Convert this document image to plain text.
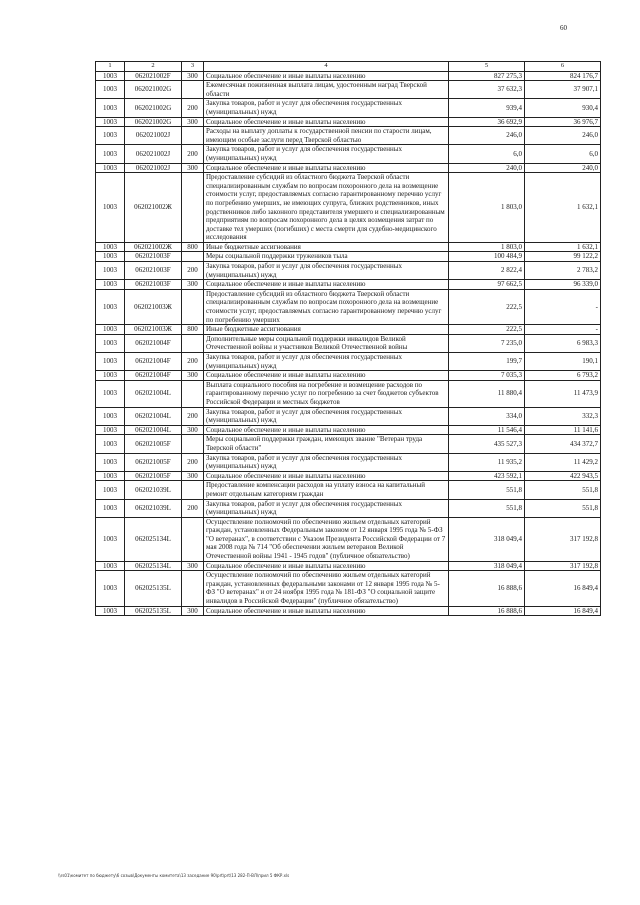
60
1	2	3	4	5	6
1003	062021002F	300	Социальное обеспечение и иные выплаты населению	827 275,3	824 176,7
1003	062021002G		Ежемесячная пожизненная выплата лицам, удостоенным наград Тверской области	37 632,3	37 907,1
1003	062021002G	200	Закупка товаров, работ и услуг для обеспечения государственных (муниципальных) нужд	939,4	930,4
1003	062021002G	300	Социальное обеспечение и иные выплаты населению	36 692,9	36 976,7
1003	062021002J		Расходы на выплату доплаты к государственной пенсии по старости лицам, имеющим особые заслуги перед Тверской областью	246,0	246,0
1003	062021002J	200	Закупка товаров, работ и услуг для обеспечения государственных (муниципальных) нужд	6,0	6,0
1003	062021002J	300	Социальное обеспечение и иные выплаты населению	240,0	240,0
1003	062021002Ж		Предоставление субсидий из областного бюджета Тверской области специализированным службам по вопросам похоронного дела на возмещение стоимости услуг, предоставляемых согласно гарантированному перечню услуг по погребению умерших, не имеющих супруга, близких родственников, иных родственников либо законного представителя умершего и специализированным предприятиям по вопросам похоронного дела в целях возмещения затрат по доставке тел умерших (погибших) с места смерти для судебно-медицинского исследования	1 803,0	1 632,1
1003	062021002Ж	800	Иные бюджетные ассигнования	1 803,0	1 632,1
1003	062021003F		Меры социальной поддержки тружеников тыла	100 484,9	99 122,2
1003	062021003F	200	Закупка товаров, работ и услуг для обеспечения государственных (муниципальных) нужд	2 822,4	2 783,2
1003	062021003F	300	Социальное обеспечение и иные выплаты населению	97 662,5	96 339,0
1003	062021003Ж		Предоставление субсидий из областного бюджета Тверской области специализированным службам по вопросам похоронного дела на возмещение стоимости услуг, предоставляемых согласно гарантированному перечню услуг по погребению умерших	222,5	-
1003	062021003Ж	800	Иные бюджетные ассигнования	222,5	-
1003	062021004F		Дополнительные меры социальной поддержки инвалидов Великой Отечественной войны и участников Великой Отечественной войны	7 235,0	6 983,3
1003	062021004F	200	Закупка товаров, работ и услуг для обеспечения государственных (муниципальных) нужд	199,7	190,1
1003	062021004F	300	Социальное обеспечение и иные выплаты населению	7 035,3	6 793,2
1003	062021004L		Выплата социального пособия на погребение и возмещение расходов по гарантированному перечню услуг по погребению за счет бюджетов субъектов Российской Федерации и местных бюджетов	11 880,4	11 473,9
1003	062021004L	200	Закупка товаров, работ и услуг для обеспечения государственных (муниципальных) нужд	334,0	332,3
1003	062021004L	300	Социальное обеспечение и иные выплаты населению	11 546,4	11 141,6
1003	062021005F		Меры социальной поддержки граждан, имеющих звание "Ветеран труда Тверской области"	435 527,3	434 372,7
1003	062021005F	200	Закупка товаров, работ и услуг для обеспечения государственных (муниципальных) нужд	11 935,2	11 429,2
1003	062021005F	300	Социальное обеспечение и иные выплаты населению	423 592,1	422 943,5
1003	062021039L		Предоставление компенсации расходов на уплату взноса на капитальный ремонт отдельным категориям граждан	551,8	551,8
1003	062021039L	200	Закупка товаров, работ и услуг для обеспечения государственных (муниципальных) нужд	551,8	551,8
1003	062025134L		Осуществление полномочий по обеспечению жильем отдельных категорий граждан, установленных Федеральным законом от 12 января 1995 года № 5-ФЗ "О ветеранах", в соответствии с Указом Президента Российской Федерации от 7 мая 2008 года № 714 "Об обеспечении жильем ветеранов Великой Отечественной войны 1941 - 1945 годов" (публичное обязательство)	318 049,4	317 192,8
1003	062025134L	300	Социальное обеспечение и иные выплаты населению	318 049,4	317 192,8
1003	062025135L		Осуществление полномочий по обеспечению жильем отдельных категорий граждан, установленных федеральными законами от 12 января 1995 года № 5-ФЗ "О ветеранах" и от 24 ноября 1995 года № 181-ФЗ "О социальной защите инвалидов в Российской Федерации" (публичное обязательство)	16 888,6	16 849,4
1003	062025135L	300	Социальное обеспечение и иные выплаты населению	16 888,6	16 849,4
\\rs01\комитет по бюджету\6 созыв\Документы комитета\13 заседание 90\prt\prt\13 282-П-ВЛ\прил 5 ФКР.xls
